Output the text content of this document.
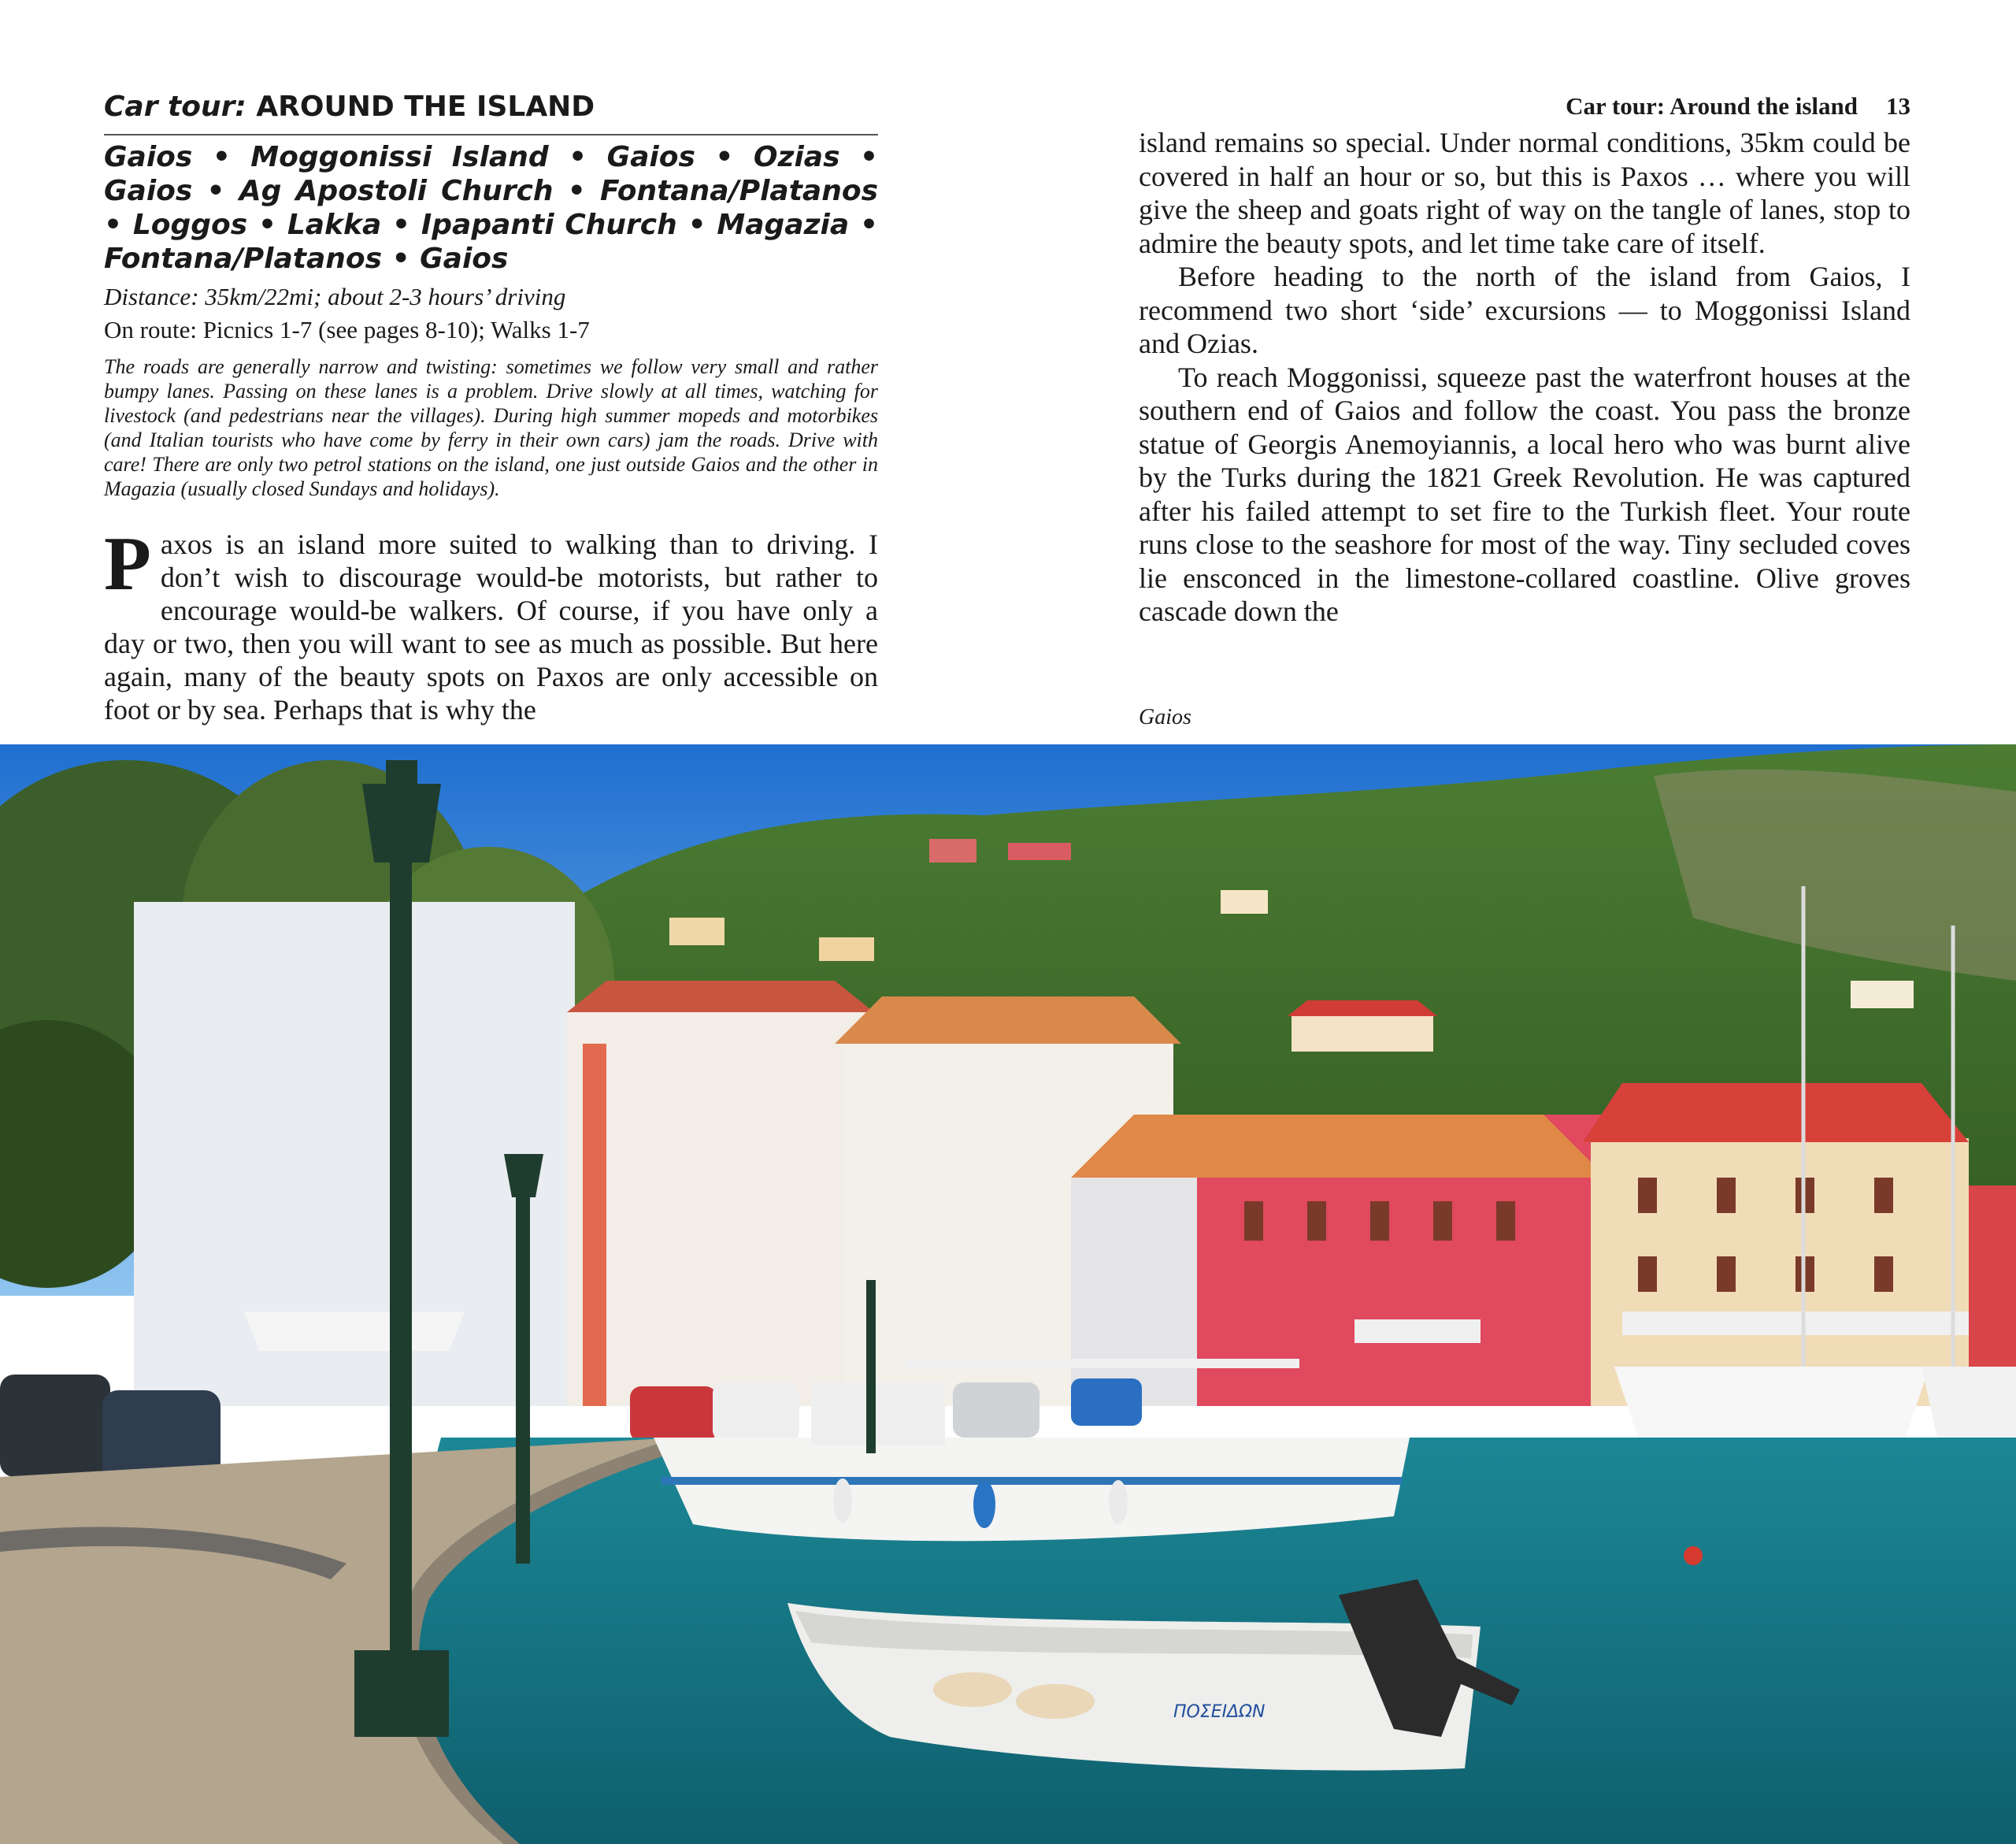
Car tour: AROUND THE ISLAND

Gaios • Moggonissi Island • Gaios • Ozias • Gaios • Ag Apostoli Church • Fontana/Platanos • Loggos • Lakka • Ipapanti Church • Magazia • Fontana/Platanos • Gaios

Distance: 35km/22mi; about 2-3 hours’ driving

On route: Picnics 1-7 (see pages 8-10); Walks 1-7

The roads are generally narrow and twisting: sometimes we follow very small and rather bumpy lanes. Passing on these lanes is a problem. Drive slowly at all times, watching for livestock (and pedestrians near the villages). During high summer mopeds and motorbikes (and Italian tourists who have come by ferry in their own cars) jam the roads. Drive with care! There are only two petrol stations on the island, one just outside Gaios and the other in Magazia (usually closed Sundays and holidays).

Paxos is an island more suited to walking than to driving. I don’t wish to discourage would-be motorists, but rather to encourage would-be walkers. Of course, if you have only a day or two, then you will want to see as much as possible. But here again, many of the beauty spots on Paxos are only accessible on foot or by sea. Perhaps that is why the

Car tour: Around the island 13

island remains so special. Under normal conditions, 35km could be covered in half an hour or so, but this is Paxos … where you will give the sheep and goats right of way on the tangle of lanes, stop to admire the beauty spots, and let time take care of itself.

Before heading to the north of the island from Gaios, I recommend two short ‘side’ excursions — to Moggonissi Island and Ozias.

To reach Moggonissi, squeeze past the waterfront houses at the southern end of Gaios and follow the coast. You pass the bronze statue of Georgis Anemoyiannis, a local hero who was burnt alive by the Turks during the 1821 Greek Revolution. He was captured after his failed attempt to set fire to the Turkish fleet. Your route runs close to the seashore for most of the way. Tiny secluded coves lie ensconced in the limestone-collared coastline. Olive groves cascade down the

Gaios
ΠΟΣΕΙΔΩΝ
